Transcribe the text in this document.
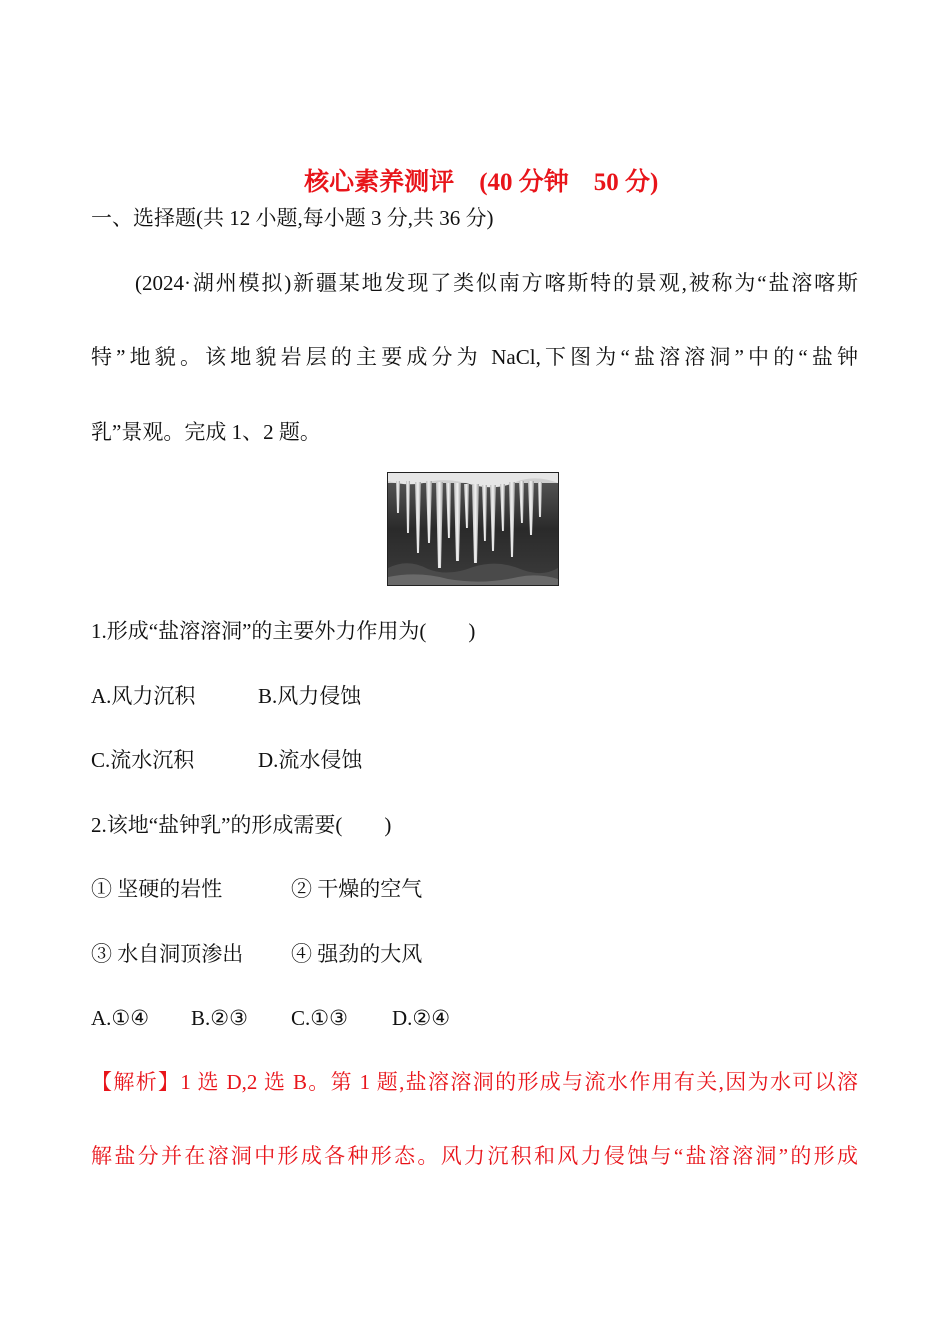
核心素养测评　 (40 分钟　50 分)

一、选择题(共 12 小题,每小题 3 分,共 36 分)
(2024·湖州模拟)新疆某地发现了类似南方喀斯特的景观,被称为“盐溶喀斯
特”地貌。该地貌岩层的主要成分为 NaCl,下图为“盐溶溶洞”中的“盐钟
乳”景观。完成 1、2 题。
1.形成“盐溶溶洞”的主要外力作用为(　　)
A.风力沉积	B.风力侵蚀
C.流水沉积	D.流水侵蚀
2.该地“盐钟乳”的形成需要(　　)
① 坚硬的岩性	② 干燥的空气
③ 水自洞顶渗出 ④ 强劲的大风
A.①④ B.②③ C.①③ D.②④
【解析】1 选 D,2 选 B。第 1 题,盐溶溶洞的形成与流水作用有关,因为水可以溶
解盐分并在溶洞中形成各种形态。风力沉积和风力侵蚀与“盐溶溶洞”的形成
